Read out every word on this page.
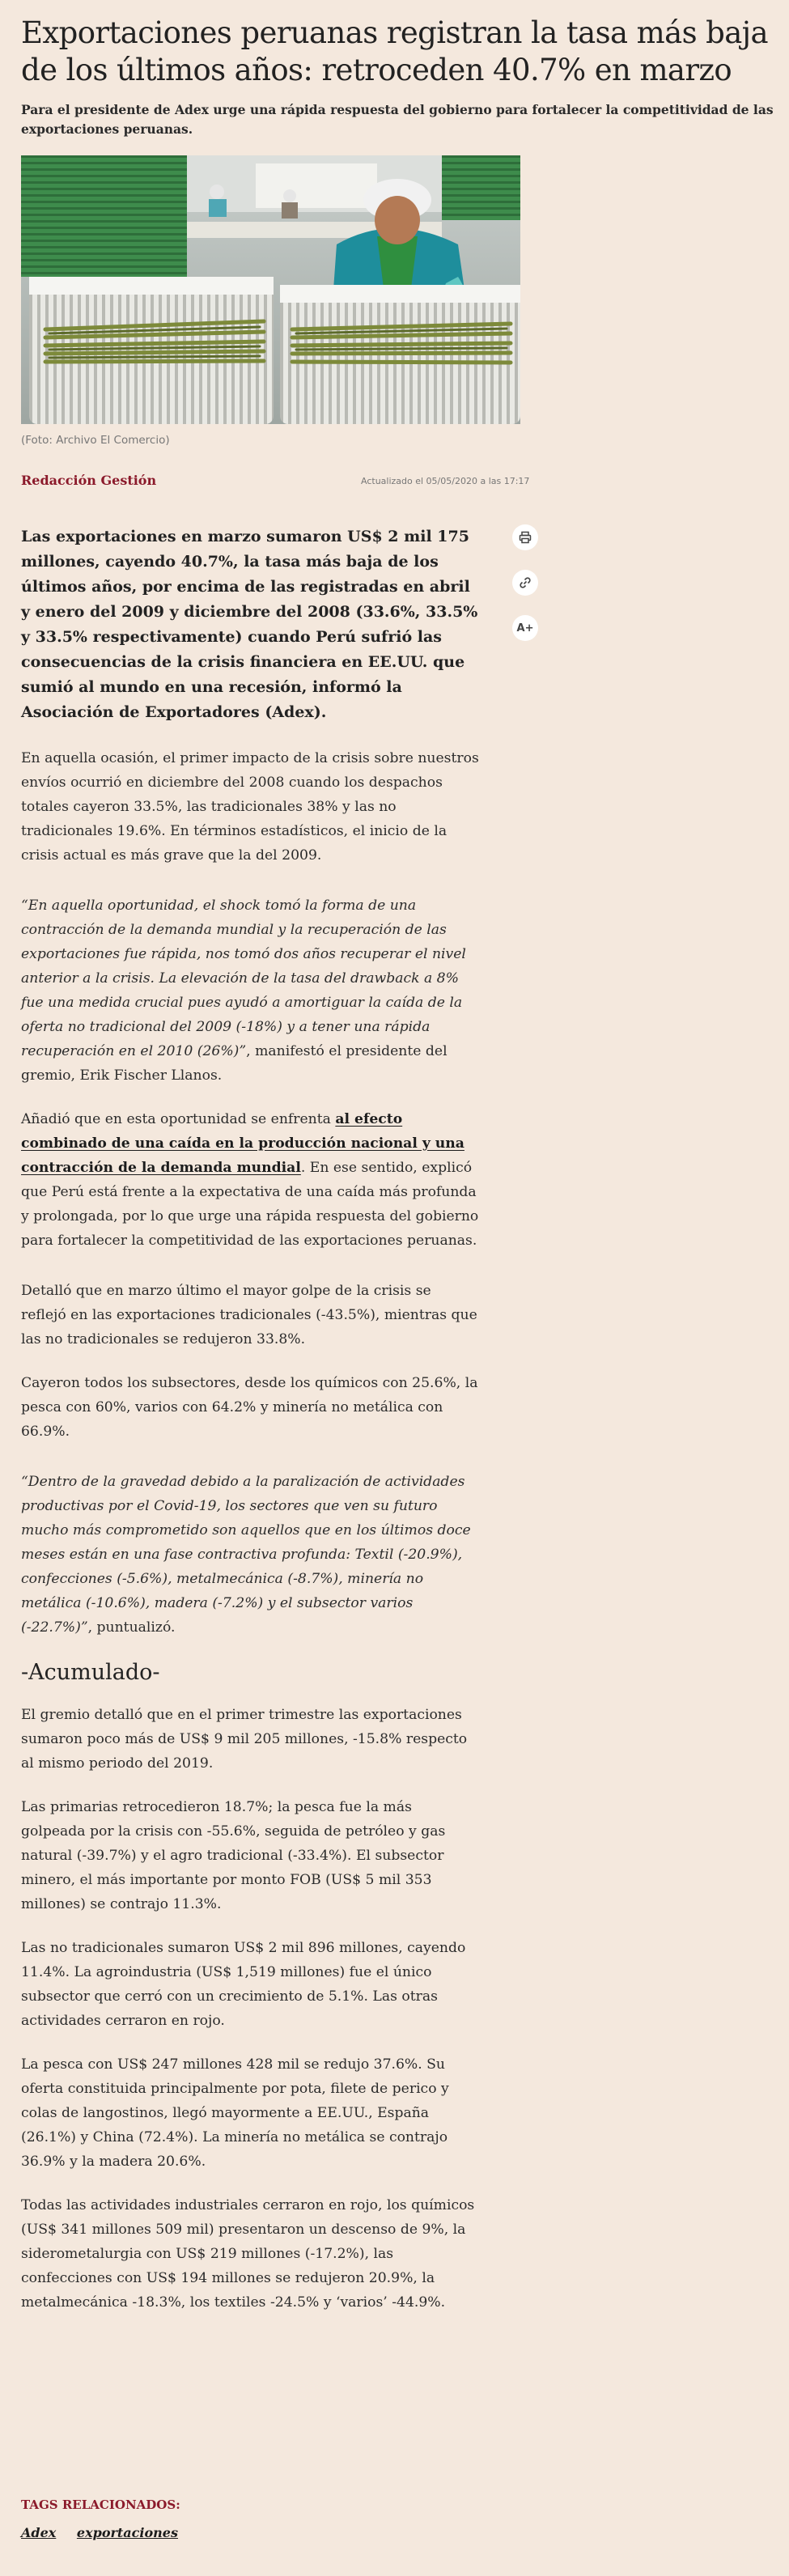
Exportaciones peruanas registran la tasa más baja de los últimos años: retroceden 40.7% en marzo

Para el presidente de Adex urge una rápida respuesta del gobierno para fortalecer la competitividad de las exportaciones peruanas.

(Foto: Archivo El Comercio)
Redacción Gestión	Actualizado el 05/05/2020 a las 17:17
A+

Las exportaciones en marzo sumaron US$ 2 mil 175 millones, cayendo 40.7%, la tasa más baja de los últimos años, por encima de las registradas en abril y enero del 2009 y diciembre del 2008 (33.6%, 33.5% y 33.5% respectivamente) cuando Perú sufrió las consecuencias de la crisis financiera en EE.UU. que sumió al mundo en una recesión, informó la Asociación de Exportadores (Adex).

En aquella ocasión, el primer impacto de la crisis sobre nuestros envíos ocurrió en diciembre del 2008 cuando los despachos totales cayeron 33.5%, las tradicionales 38% y las no tradicionales 19.6%. En términos estadísticos, el inicio de la crisis actual es más grave que la del 2009.

“En aquella oportunidad, el shock tomó la forma de una contracción de la demanda mundial y la recuperación de las exportaciones fue rápida, nos tomó dos años recuperar el nivel anterior a la crisis. La elevación de la tasa del drawback a 8% fue una medida crucial pues ayudó a amortiguar la caída de la oferta no tradicional del 2009 (-18%) y a tener una rápida recuperación en el 2010 (26%)”, manifestó el presidente del gremio, Erik Fischer Llanos.

Añadió que en esta oportunidad se enfrenta al efecto combinado de una caída en la producción nacional y una contracción de la demanda mundial. En ese sentido, explicó que Perú está frente a la expectativa de una caída más profunda y prolongada, por lo que urge una rápida respuesta del gobierno para fortalecer la competitividad de las exportaciones peruanas.

Detalló que en marzo último el mayor golpe de la crisis se reflejó en las exportaciones tradicionales (-43.5%), mientras que las no tradicionales se redujeron 33.8%.

Cayeron todos los subsectores, desde los químicos con 25.6%, la pesca con 60%, varios con 64.2% y minería no metálica con 66.9%.

“Dentro de la gravedad debido a la paralización de actividades productivas por el Covid-19, los sectores que ven su futuro mucho más comprometido son aquellos que en los últimos doce meses están en una fase contractiva profunda: Textil (-20.9%), confecciones (-5.6%), metalmecánica (-8.7%), minería no metálica (-10.6%), madera (-7.2%) y el subsector varios (-22.7%)”, puntualizó.

-Acumulado-

El gremio detalló que en el primer trimestre las exportaciones sumaron poco más de US$ 9 mil 205 millones, -15.8% respecto al mismo periodo del 2019.

Las primarias retrocedieron 18.7%; la pesca fue la más golpeada por la crisis con -55.6%, seguida de petróleo y gas natural (-39.7%) y el agro tradicional (-33.4%). El subsector minero, el más importante por monto FOB (US$ 5 mil 353 millones) se contrajo 11.3%.

Las no tradicionales sumaron US$ 2 mil 896 millones, cayendo 11.4%. La agroindustria (US$ 1,519 millones) fue el único subsector que cerró con un crecimiento de 5.1%. Las otras actividades cerraron en rojo.

La pesca con US$ 247 millones 428 mil se redujo 37.6%. Su oferta constituida principalmente por pota, filete de perico y colas de langostinos, llegó mayormente a EE.UU., España (26.1%) y China (72.4%). La minería no metálica se contrajo 36.9% y la madera 20.6%.

Todas las actividades industriales cerraron en rojo, los químicos (US$ 341 millones 509 mil) presentaron un descenso de 9%, la siderometalurgia con US$ 219 millones (-17.2%), las confecciones con US$ 194 millones se redujeron 20.9%, la metalmecánica -18.3%, los textiles -24.5% y ‘varios’ -44.9%.

TAGS RELACIONADOS:
Adex exportaciones
